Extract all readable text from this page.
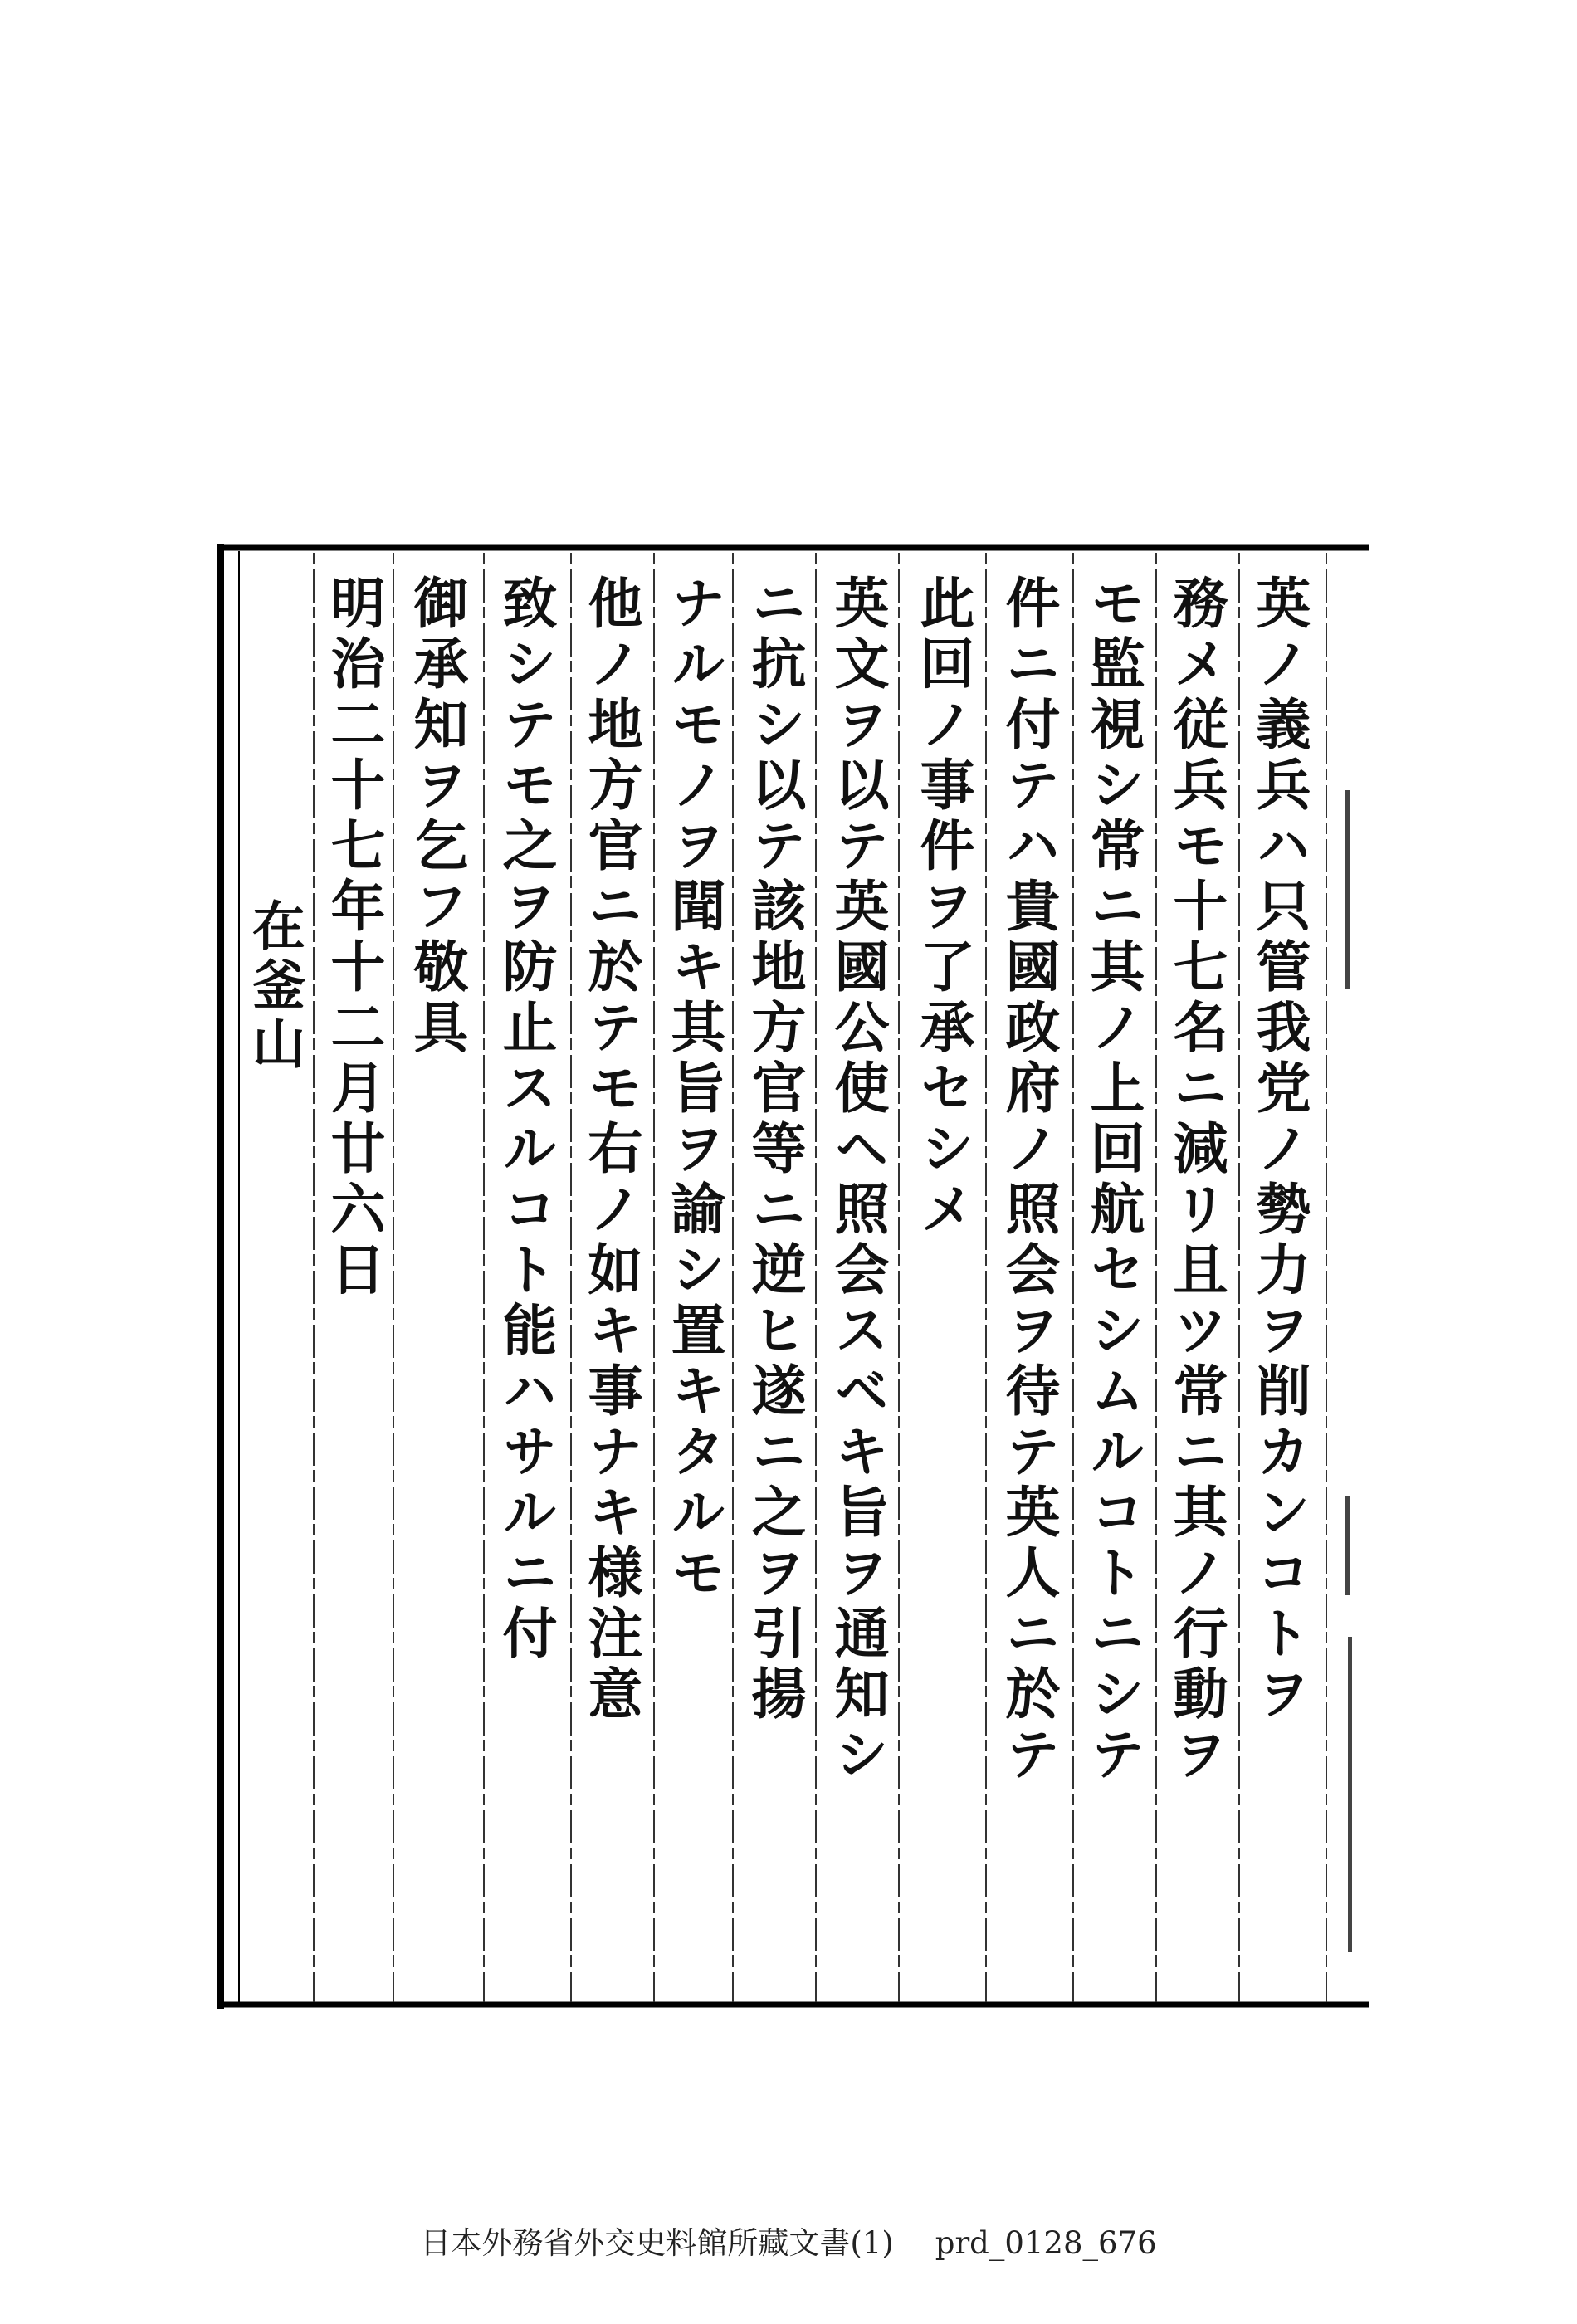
英ノ義兵ハ只管我党ノ勢力ヲ削カンコトヲ
務メ従兵モ十七名ニ減リ且ツ常ニ其ノ行動ヲ
モ監視シ常ニ其ノ上回航セシムルコトニシテ
件ニ付テハ貴國政府ノ照会ヲ待テ英人ニ於テ
此回ノ事件ヲ了承セシメ
英文ヲ以テ英國公使ヘ照会スベキ旨ヲ通知シ
ニ抗シ以テ該地方官等ニ逆ヒ遂ニ之ヲ引揚
ナルモノヲ聞キ其旨ヲ諭シ置キタルモ
他ノ地方官ニ於テモ右ノ如キ事ナキ様注意
致シテモ之ヲ防止スルコト能ハサルニ付
御承知ヲ乞フ敬具
明治二十七年十二月廿六日
在釜山
日本外務省外交史料館所藏文書(1) prd_0128_676
